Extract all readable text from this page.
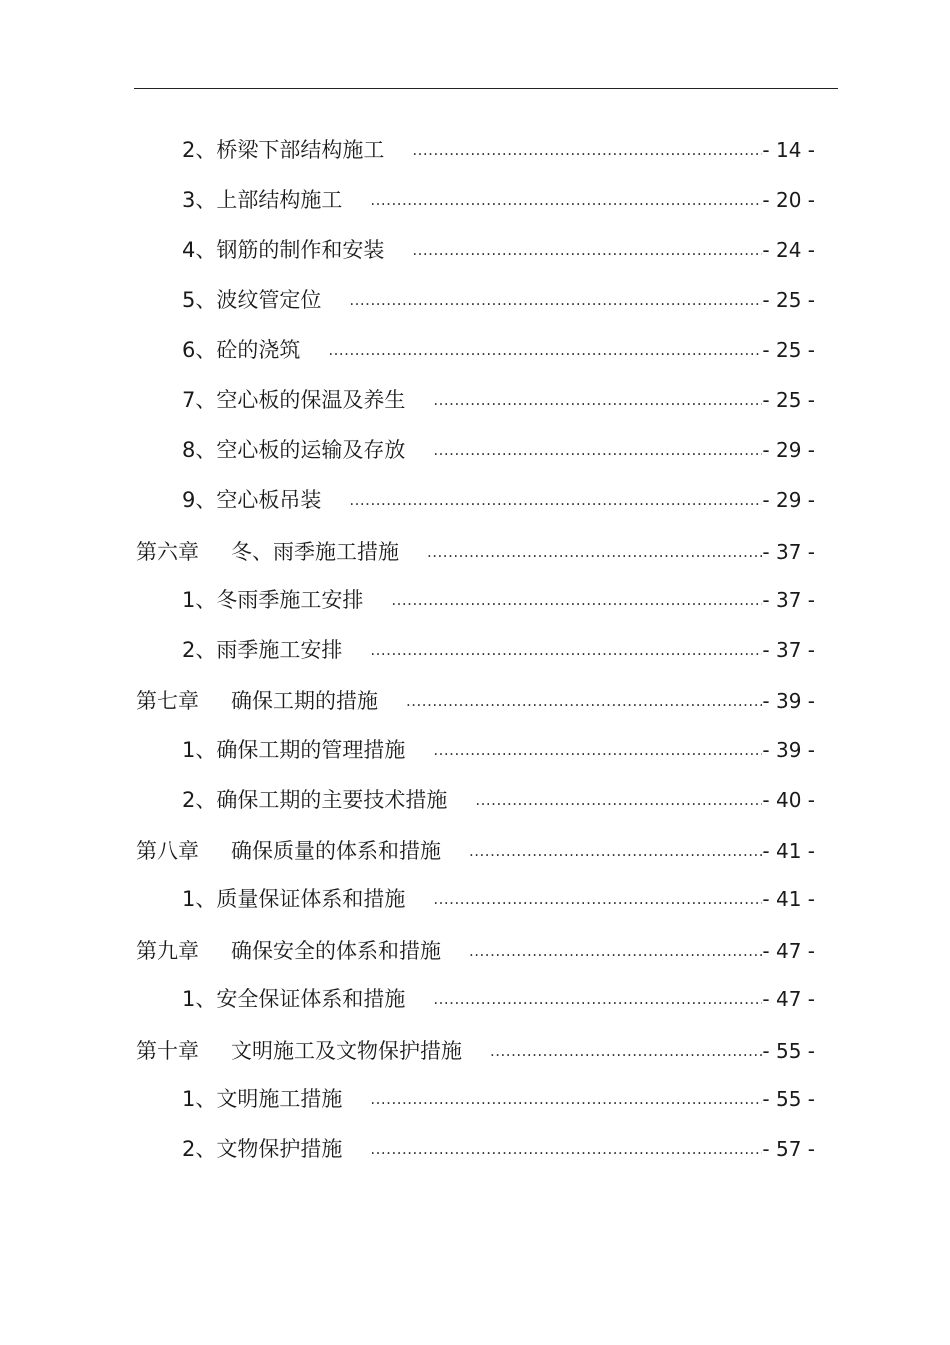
2、桥梁下部结构施工 .....	- 14 -
3、上部结构施工 .....	- 20 -
4、钢筋的制作和安装 .....	- 24 -
5、波纹管定位 .....	- 25 -
6、砼的浇筑 .....	- 25 -
7、空心板的保温及养生 .....	- 25 -
8、空心板的运输及存放 .....	- 29 -
9、空心板吊装 .....	- 29 -
第六章 冬、雨季施工措施 .....	- 37 -
1、冬雨季施工安排 .....	- 37 -
2、雨季施工安排 .....	- 37 -
第七章 确保工期的措施 .....	- 39 -
1、确保工期的管理措施 .....	- 39 -
2、确保工期的主要技术措施 .....	- 40 -
第八章 确保质量的体系和措施 .....	- 41 -
1、质量保证体系和措施 .....	- 41 -
第九章 确保安全的体系和措施 .....	- 47 -
1、安全保证体系和措施 .....	- 47 -
第十章 文明施工及文物保护措施 .....	- 55 -
1、文明施工措施 .....	- 55 -
2、文物保护措施 .....	- 57 -
